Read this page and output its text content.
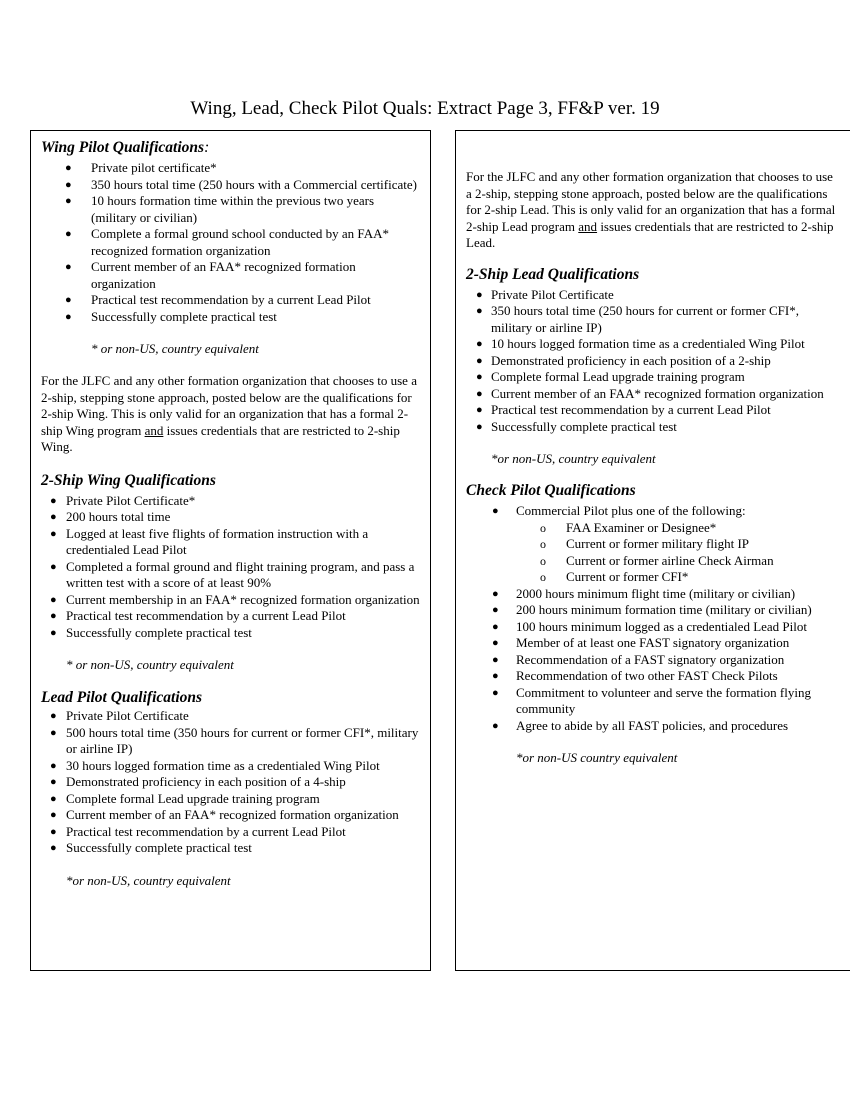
Wing, Lead, Check Pilot Quals: Extract Page 3, FF&P ver. 19

Wing Pilot Qualifications:

● Private pilot certificate*
● 350 hours total time (250 hours with a Commercial certificate)
● 10 hours formation time within the previous two years (military or civilian)
● Complete a formal ground school conducted by an FAA* recognized formation organization
● Current member of an FAA* recognized formation organization
● Practical test recommendation by a current Lead Pilot
● Successfully complete practical test
* or non-US, country equivalent

For the JLFC and any other formation organization that chooses to use a 2-ship, stepping stone approach, posted below are the qualifications for 2-ship Wing. This is only valid for an organization that has a formal 2-ship Wing program and issues credentials that are restricted to 2-ship Wing.

2-Ship Wing Qualifications

● Private Pilot Certificate*
● 200 hours total time
● Logged at least five flights of formation instruction with a credentialed Lead Pilot
● Completed a formal ground and flight training program, and pass a written test with a score of at least 90%
● Current membership in an FAA* recognized formation organization
● Practical test recommendation by a current Lead Pilot
● Successfully complete practical test
* or non-US, country equivalent

Lead Pilot Qualifications

● Private Pilot Certificate
● 500 hours total time (350 hours for current or former CFI*, military or airline IP)
● 30 hours logged formation time as a credentialed Wing Pilot
● Demonstrated proficiency in each position of a 4-ship
● Complete formal Lead upgrade training program
● Current member of an FAA* recognized formation organization
● Practical test recommendation by a current Lead Pilot
● Successfully complete practical test
*or non-US, country equivalent

For the JLFC and any other formation organization that chooses to use a 2-ship, stepping stone approach, posted below are the qualifications for 2-ship Lead. This is only valid for an organization that has a formal 2-ship Lead program and issues credentials that are restricted to 2-ship Lead.

2-Ship Lead Qualifications

● Private Pilot Certificate
● 350 hours total time (250 hours for current or former CFI*, military or airline IP)
● 10 hours logged formation time as a credentialed Wing Pilot
● Demonstrated proficiency in each position of a 2-ship
● Complete formal Lead upgrade training program
● Current member of an FAA* recognized formation organization
● Practical test recommendation by a current Lead Pilot
● Successfully complete practical test
*or non-US, country equivalent

Check Pilot Qualifications

● Commercial Pilot plus one of the following:
o FAA Examiner or Designee*
o Current or former military flight IP
o Current or former airline Check Airman
o Current or former CFI*
● 2000 hours minimum flight time (military or civilian)
● 200 hours minimum formation time (military or civilian)
● 100 hours minimum logged as a credentialed Lead Pilot
● Member of at least one FAST signatory organization
● Recommendation of a FAST signatory organization
● Recommendation of two other FAST Check Pilots
● Commitment to volunteer and serve the formation flying community
● Agree to abide by all FAST policies, and procedures
*or non-US country equivalent
